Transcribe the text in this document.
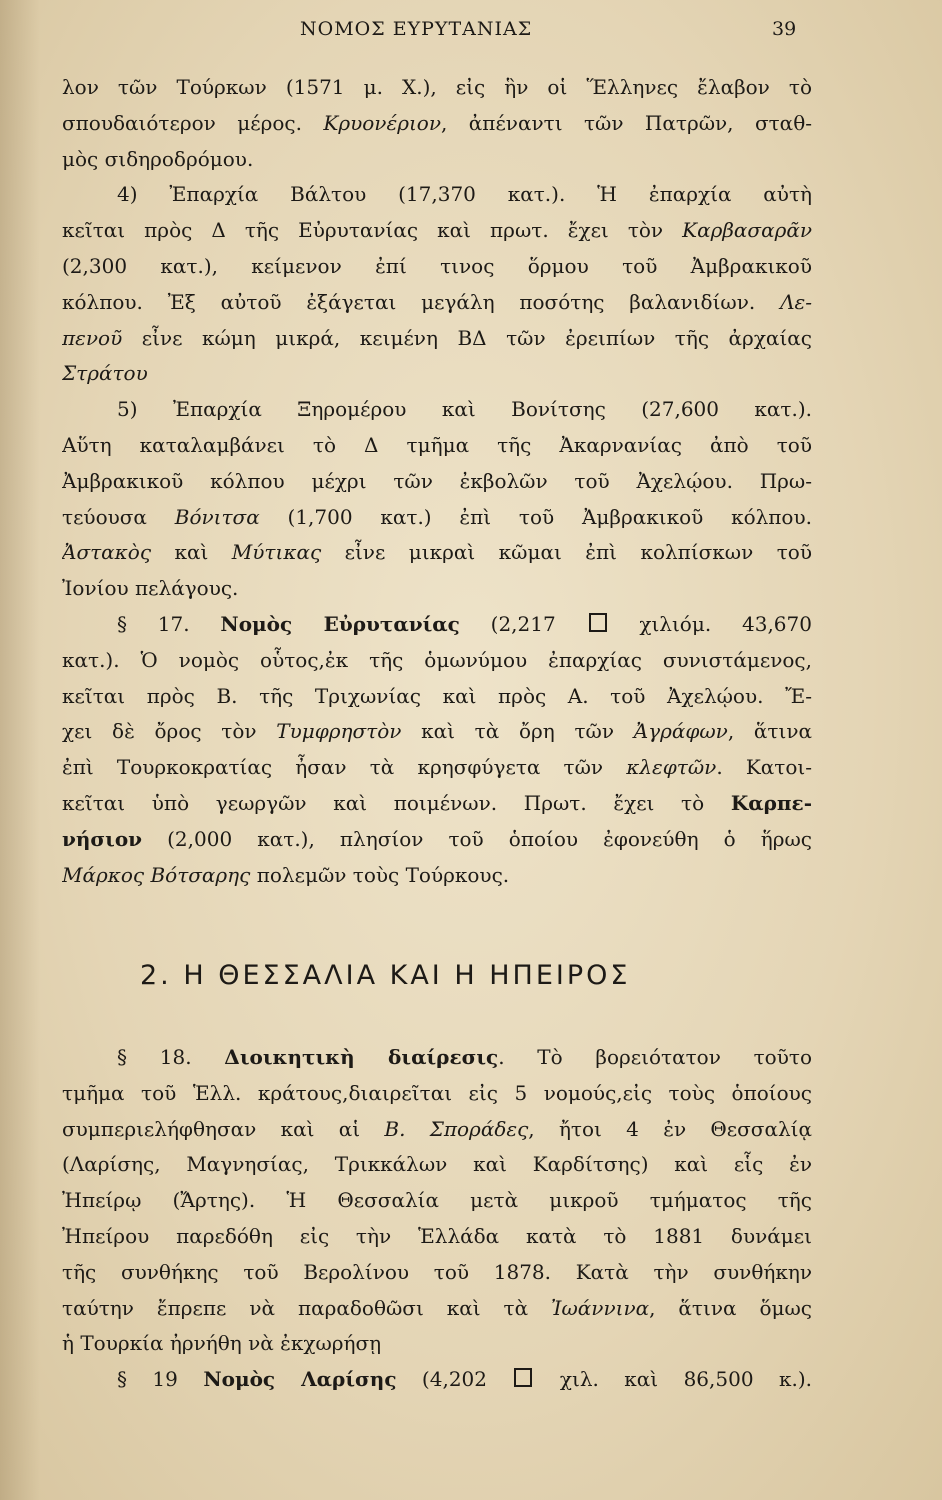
ΝΟΜΟΣ ΕΥΡΥΤΑΝΙΑΣ	39
λον τῶν Τούρκων (1571 μ. Χ.), εἰς ἣν οἱ Ἕλληνες ἔλαβον τὸ
σπουδαιότερον μέρος. Κρυονέριον, ἀπέναντι τῶν Πατρῶν, σταθ-
μὸς σιδηροδρόμου.
4) Ἐπαρχία Βάλτου (17,370 κατ.). Ἡ ἐπαρχία αὐτὴ
κεῖται πρὸς Δ τῆς Εὐρυτανίας καὶ πρωτ. ἔχει τὸν Καρβασαρᾶν
(2,300 κατ.), κείμενον ἐπί τινος ὅρμου τοῦ Ἀμβρακικοῦ
κόλπου. Ἐξ αὐτοῦ ἐξάγεται μεγάλη ποσότης βαλανιδίων. Λε-
πενοῦ εἶνε κώμη μικρά, κειμένη ΒΔ τῶν ἐρειπίων τῆς ἀρχαίας
Στράτου
5) Ἐπαρχία Ξηρομέρου καὶ Βονίτσης (27,600 κατ.).
Αὕτη καταλαμβάνει τὸ Δ τμῆμα τῆς Ἀκαρνανίας ἀπὸ τοῦ
Ἀμβρακικοῦ κόλπου μέχρι τῶν ἐκβολῶν τοῦ Ἀχελῴου. Πρω-
τεύουσα Βόνιτσα (1,700 κατ.) ἐπὶ τοῦ Ἀμβρακικοῦ κόλπου.
Ἀστακὸς καὶ Μύτικας εἶνε μικραὶ κῶμαι ἐπὶ κολπίσκων τοῦ
Ἰονίου πελάγους.
§ 17. Νομὸς Εὐρυτανίας (2,217  χιλιόμ. 43,670
κατ.). Ὁ νομὸς οὗτος,ἐκ τῆς ὁμωνύμου ἐπαρχίας συνιστάμενος,
κεῖται πρὸς Β. τῆς Τριχωνίας καὶ πρὸς Α. τοῦ Ἀχελῴου. Ἔ-
χει δὲ ὄρος τὸν Τυμφρηστὸν καὶ τὰ ὄρη τῶν Ἀγράφων, ἅτινα
ἐπὶ Τουρκοκρατίας ἦσαν τὰ κρησφύγετα τῶν κλεφτῶν. Κατοι-
κεῖται ὑπὸ γεωργῶν καὶ ποιμένων. Πρωτ. ἔχει τὸ Καρπε-
νήσιον (2,000 κατ.), πλησίον τοῦ ὁποίου ἐφονεύθη ὁ ἥρως
Μάρκος Βότσαρης πολεμῶν τοὺς Τούρκους.
2. Η ΘΕΣΣΑΛΙΑ ΚΑΙ Η ΗΠΕΙΡΟΣ
§ 18. Διοικητικὴ διαίρεσις. Τὸ βορειότατον τοῦτο
τμῆμα τοῦ Ἑλλ. κράτους,διαιρεῖται εἰς 5 νομούς,εἰς τοὺς ὁποίους
συμπεριελήφθησαν καὶ αἱ Β. Σποράδες, ἤτοι 4 ἐν Θεσσαλίᾳ
(Λαρίσης, Μαγνησίας, Τρικκάλων καὶ Καρδίτσης) καὶ εἷς ἐν
Ἠπείρῳ (Ἄρτης). Ἡ Θεσσαλία μετὰ μικροῦ τμήματος τῆς
Ἠπείρου παρεδόθη εἰς τὴν Ἑλλάδα κατὰ τὸ 1881 δυνάμει
τῆς συνθήκης τοῦ Βερολίνου τοῦ 1878. Κατὰ τὴν συνθήκην
ταύτην ἔπρεπε νὰ παραδοθῶσι καὶ τὰ Ἰωάννινα, ἅτινα ὅμως
ἡ Τουρκία ἠρνήθη νὰ ἐκχωρήσῃ
§ 19 Νομὸς Λαρίσης (4,202  χιλ. καὶ 86,500 κ.).
